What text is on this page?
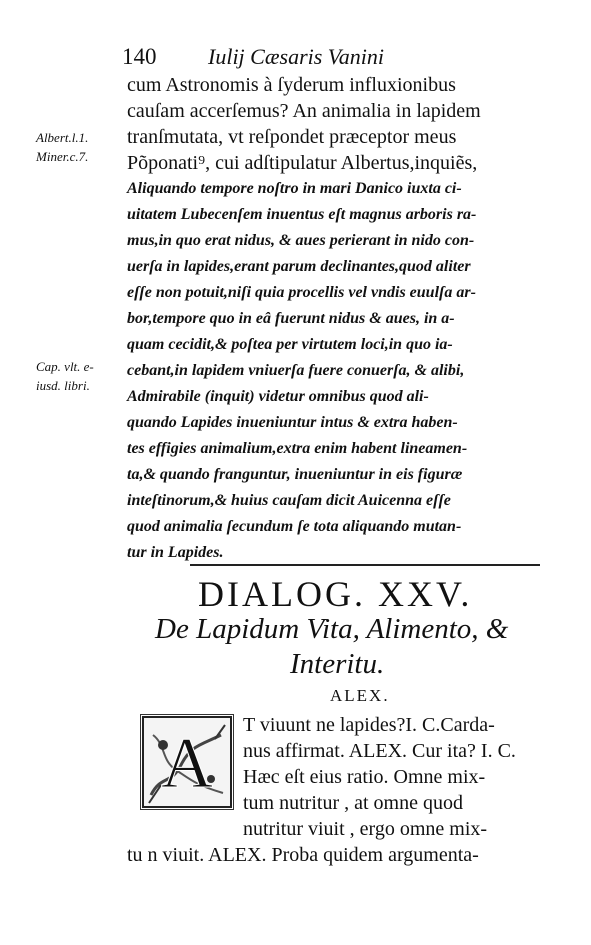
140 Iulij Cæsaris Vanini
Albert.l.1.
Miner.c.7.
Cap. vlt. e-
iusd. libri.
cum Astronomis à ſyderum influxionibus
cauſam accerſemus? An animalia in lapidem
tranſmutata, vt reſpondet præceptor meus
Põponati⁹, cui adſtipulatur Albertus,inquiẽs,
Aliquando tempore noſtro in mari Danico iuxta ci-
uitatem Lubecenſem inuentus eſt magnus arboris ra-
mus,in quo erat nidus, & aues perierant in nido con-
uerſa in lapides,erant parum declinantes,quod aliter
eſſe non potuit,niſi quia procellis vel vndis euulſa ar-
bor,tempore quo in eâ fuerunt nidus & aues, in a-
quam cecidit,& poſtea per virtutem loci,in quo ia-
cebant,in lapidem vniuerſa fuere conuerſa, & alibi,
Admirabile (inquit) videtur omnibus quod ali-
quando Lapides inueniuntur intus & extra haben-
tes effigies animalium,extra enim habent lineamen-
ta,& quando franguntur, inueniuntur in eis figuræ
inteſtinorum,& huius cauſam dicit Auicenna eſſe
quod animalia ſecundum ſe tota aliquando mutan-
tur in Lapides.
DIALOG. XXV.
De Lapidum Vita, Alimento, &
Interitu.
ALEX.
A T viuunt ne lapides?I. C.Carda-
nus affirmat. ALEX. Cur ita? I. C.
Hæc eſt eius ratio. Omne mix-
tum nutritur , at omne quod
nutritur viuit , ergo omne mix-
tu n viuit. ALEX. Proba quidem argumenta-
